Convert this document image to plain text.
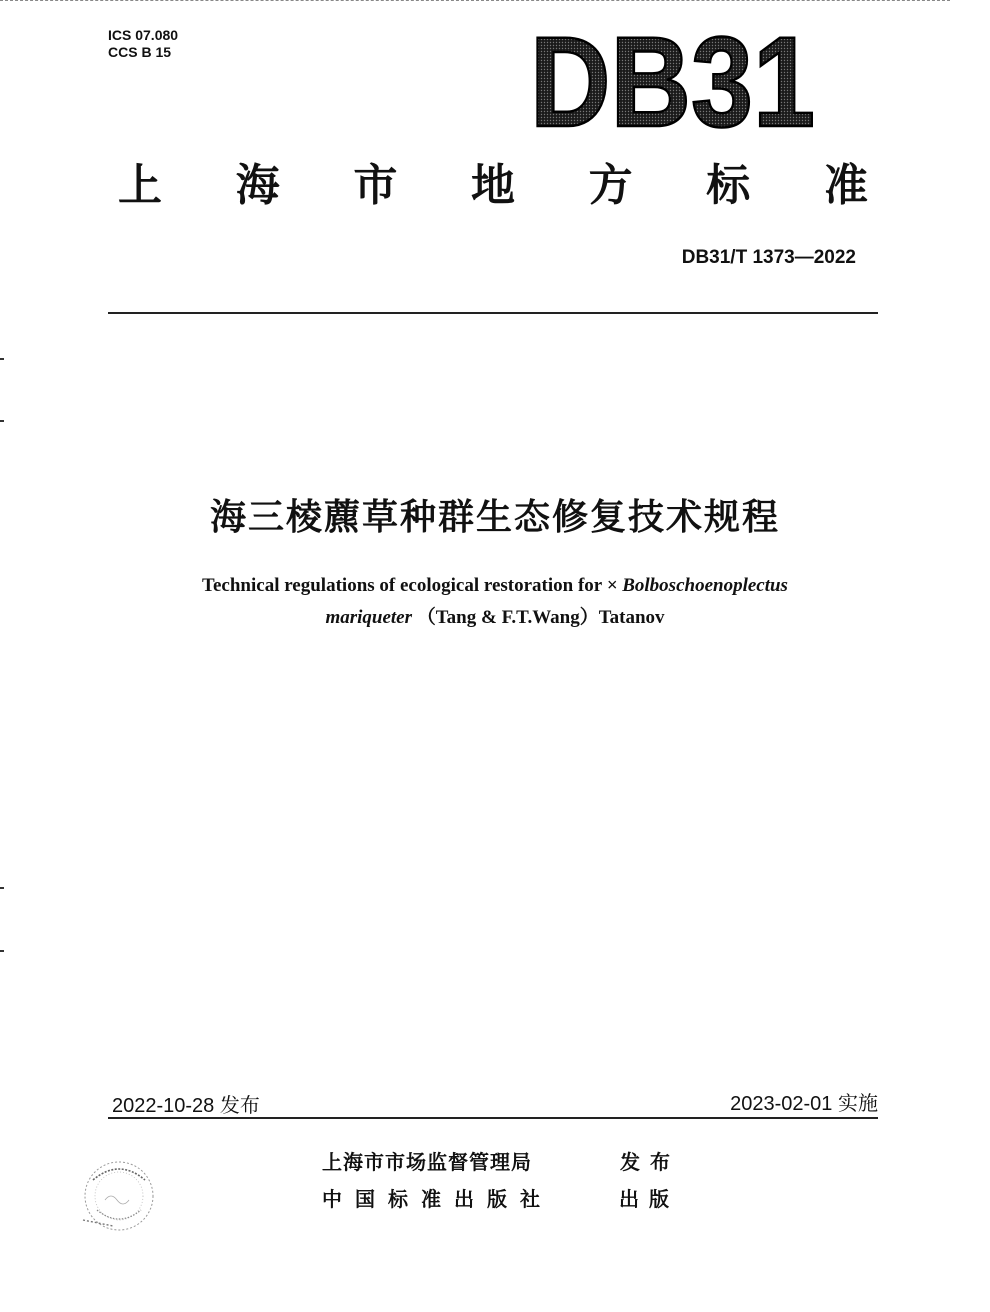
ICS 07.080
CCS B 15	DB31
上 海 市 地 方 标 准
DB31/T 1373—2022
海三棱藨草种群生态修复技术规程
Technical regulations of ecological restoration for × Bolboschoenoplectus
mariqueter （Tang & F.T.Wang）Tatanov
2022-10-28 发布	2023-02-01 实施
上海市市场监督管理局	发布
中国标准出版社	出版
